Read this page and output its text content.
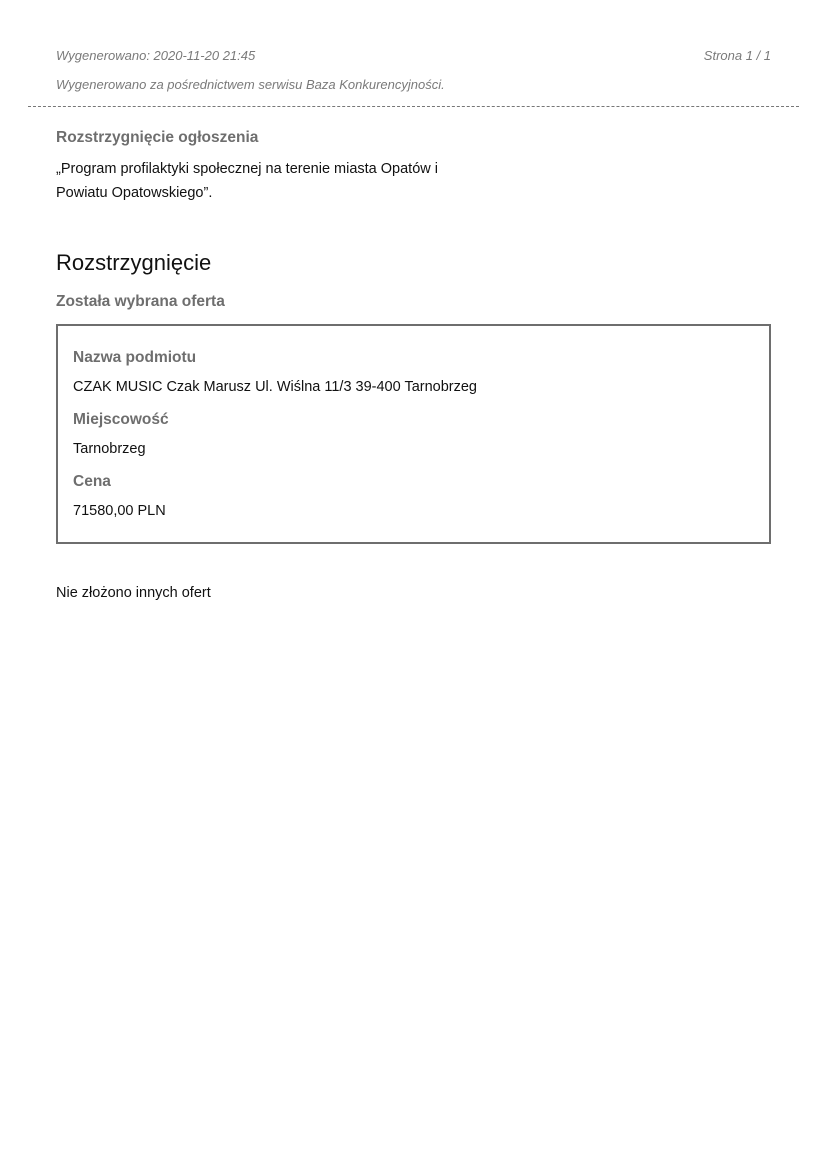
Wygenerowano: 2020-11-20 21:45	Strona 1 / 1
Wygenerowano za pośrednictwem serwisu Baza Konkurencyjności.
Rozstrzygnięcie ogłoszenia
„Program profilaktyki społecznej na terenie miasta Opatów i Powiatu Opatowskiego”.
Rozstrzygnięcie
Została wybrana oferta
Nazwa podmiotu
CZAK MUSIC Czak Marusz Ul. Wiślna 11/3 39-400 Tarnobrzeg
Miejscowość
Tarnobrzeg
Cena
71580,00 PLN
Nie złożono innych ofert
